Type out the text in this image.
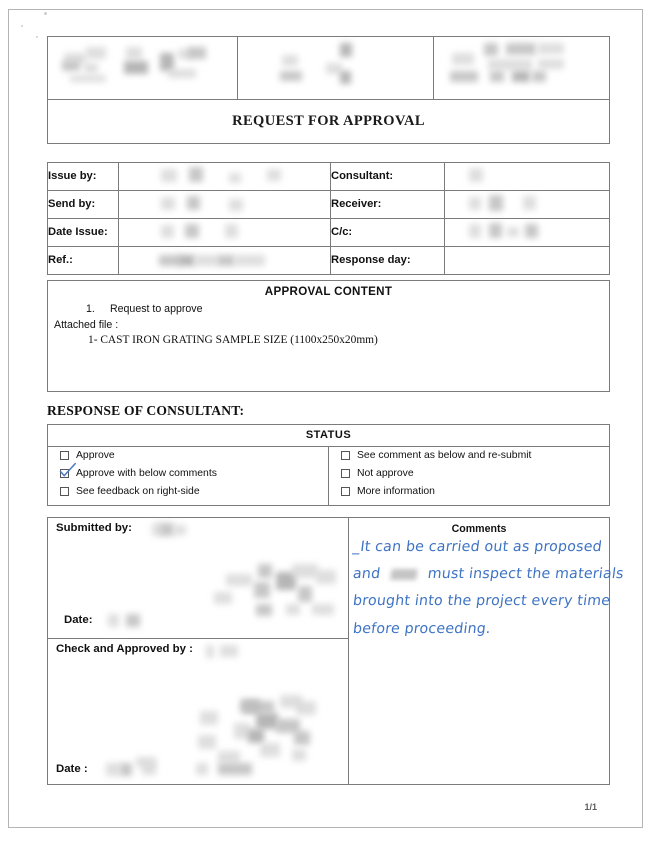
REQUEST FOR APPROVAL
Issue by:		Consultant:	

Send by:		Receiver:	

Date Issue:		C/c:	

Ref.:		Response day:	
APPROVAL CONTENT
1. Request to approve
Attached file :
1- CAST IRON GRATING SAMPLE SIZE (1100x250x20mm)
RESPONSE OF CONSULTANT:
STATUS

Approve
Approve with below comments
See feedback on right-side

See comment as below and re-submit
Not approve
More information
Submitted by:
Date:

Comments
_It can be carried out as proposed
and	must inspect the materials
brought into the project every time
before proceeding.

Check and Approved by :
Date :
1/1
